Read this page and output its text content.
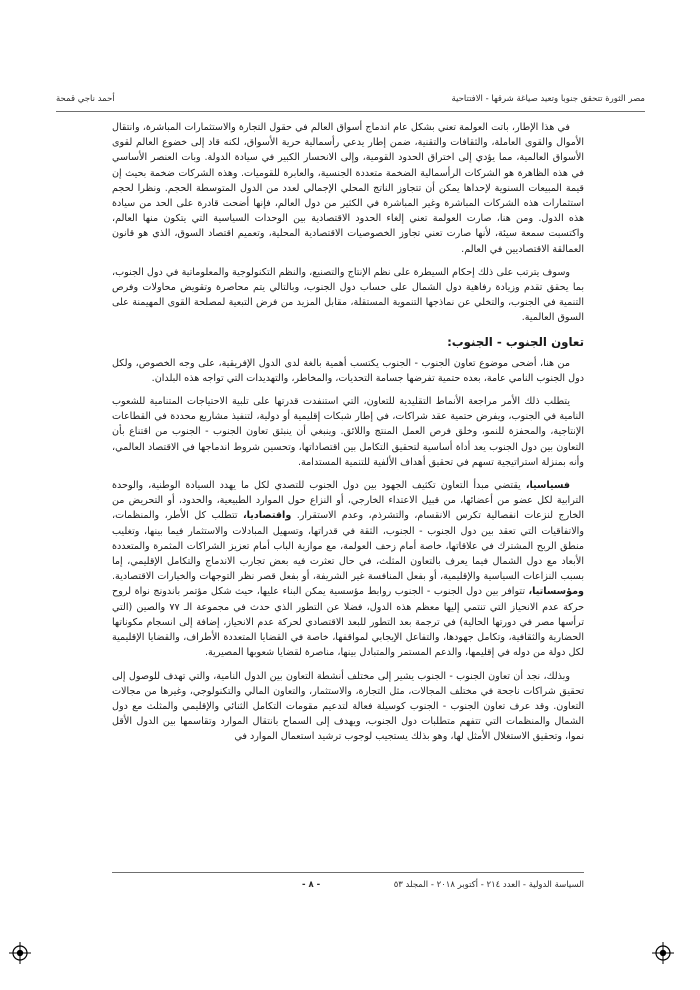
مصر الثورة تتحقق جنوبا وتعيد صياغة شرقها - الافتتاحية
أحمد ناجي قمحة

في هذا الإطار، باتت العولمة تعني بشكل عام اندماج أسواق العالم في حقول التجارة والاستثمارات المباشرة، وانتقال الأموال والقوى العاملة، والثقافات والتقنية، ضمن إطار يدعي رأسمالية حرية الأسواق، لكنه قاد إلى خضوع العالم لقوى الأسواق العالمية، مما يؤدي إلى اختراق الحدود القومية، وإلى الانحسار الكبير في سيادة الدولة. وبات العنصر الأساسي في هذه الظاهرة هو الشركات الرأسمالية الضخمة متعددة الجنسية، والعابرة للقوميات. وهذه الشركات ضخمة بحيث إن قيمة المبيعات السنوية لإحداها يمكن أن تتجاوز الناتج المحلي الإجمالي لعدد من الدول المتوسطة الحجم. ونظرا لحجم استثمارات هذه الشركات المباشرة وغير المباشرة في الكثير من دول العالم، فإنها أضحت قادرة على الحد من سيادة هذه الدول. ومن هنا، صارت العولمة تعني إلغاء الحدود الاقتصادية بين الوحدات السياسية التي يتكون منها العالم، واكتسبت سمعة سيئة، لأنها صارت تعني تجاوز الخصوصيات الاقتصادية المحلية، وتعميم اقتصاد السوق، الذي هو قانون العمالقة الاقتصاديين في العالم.

وسوف يترتب على ذلك إحكام السيطرة على نظم الإنتاج والتصنيع، والنظم التكنولوجية والمعلوماتية في دول الجنوب، بما يحقق تقدم وزيادة رفاهية دول الشمال على حساب دول الجنوب، وبالتالي يتم محاصرة وتقويض محاولات وفرص التنمية في الجنوب، والتخلي عن نماذجها التنموية المستقلة، مقابل المزيد من فرض التبعية لمصلحة القوى المهيمنة على السوق العالمية.

تعاون الجنوب - الجنوب:

من هنا، أضحى موضوع تعاون الجنوب - الجنوب يكتسب أهمية بالغة لدى الدول الإفريقية، على وجه الخصوص، ولكل دول الجنوب النامي عامة، بعده حتمية تفرضها جسامة التحديات، والمخاطر، والتهديدات التي تواجه هذه البلدان.

يتطلب ذلك الأمر مراجعة الأنماط التقليدية للتعاون، التي استنفدت قدرتها على تلبية الاحتياجات المتنامية للشعوب النامية في الجنوب، ويفرض حتمية عقد شراكات، في إطار شبكات إقليمية أو دولية، لتنفيذ مشاريع محددة في القطاعات الإنتاجية، والمحفزة للنمو، وخلق فرص العمل المنتج واللائق. وينبغي أن ينبثق تعاون الجنوب - الجنوب من اقتناع بأن التعاون بين دول الجنوب يعد أداة أساسية لتحقيق التكامل بين اقتصاداتها، وتحسين شروط اندماجها في الاقتصاد العالمي، وأنه بمنزلة استراتيجية تسهم في تحقيق أهداف الألفية للتنمية المستدامة.

فسياسيا، يقتضي مبدأ التعاون تكثيف الجهود بين دول الجنوب للتصدي لكل ما يهدد السيادة الوطنية، والوحدة الترابية لكل عضو من أعضائها، من قبيل الاعتداء الخارجي، أو النزاع حول الموارد الطبيعية، والحدود، أو التحريض من الخارج لنزعات انفصالية تكرس الانقسام، والتشرذم، وعدم الاستقرار. واقتصاديا، تتطلب كل الأطر، والمنظمات، والاتفاقيات التي تعقد بين دول الجنوب - الجنوب، الثقة في قدراتها، وتسهيل المبادلات والاستثمار فيما بينها، وتغليب منطق الربح المشترك في علاقاتها، خاصة أمام زحف العولمة، مع موازية الباب أمام تعزيز الشراكات المثمرة والمتعددة الأبعاد مع دول الشمال فيما يعرف بالتعاون المثلث، في حال تعثرت فيه بعض تجارب الاندماج والتكامل الإقليمي، إما بسبب النزاعات السياسية والإقليمية، أو بفعل المنافسة غير الشريفة، أو بفعل قصر نظر التوجهات والخيارات الاقتصادية. ومؤسساتيا، تتوافر بين دول الجنوب - الجنوب روابط مؤسسية يمكن البناء عليها، حيث شكل مؤتمر باندونج نواة لروح حركة عدم الانحياز التي تنتمي إليها معظم هذه الدول، فضلا عن التطور الذي حدث في مجموعة الـ ٧٧ والصين (التي ترأسها مصر في دورتها الحالية) في ترجمة بعد التطور للبعد الاقتصادي لحركة عدم الانحياز، إضافة إلى انسجام مكوناتها الحضارية والثقافية، وتكامل جهودها، والتفاعل الإيجابي لمواقفها، خاصة في القضايا المتعددة الأطراف، والقضايا الإقليمية لكل دولة من دوله في إقليمها، والدعم المستمر والمتبادل بينها، مناصرة لقضايا شعوبها المصيرية.

وبذلك، نجد أن تعاون الجنوب - الجنوب يشير إلى مختلف أنشطة التعاون بين الدول النامية، والتي تهدف للوصول إلى تحقيق شراكات ناجحة في مختلف المجالات، مثل التجارة، والاستثمار، والتعاون المالي والتكنولوجي، وغيرها من مجالات التعاون. وقد عرف تعاون الجنوب - الجنوب كوسيلة فعالة لتدعيم مقومات التكامل الثنائي والإقليمي والمثلث مع دول الشمال والمنظمات التي تتفهم متطلبات دول الجنوب، ويهدف إلى السماح بانتقال الموارد وتقاسمها بين الدول الأقل نموا، وتحقيق الاستغلال الأمثل لها، وهو بذلك يستجيب لوجوب ترشيد استعمال الموارد في

السياسة الدولية - العدد ٢١٤ - أكتوبر ٢٠١٨ - المجلد ٥٣
- ٨ -
